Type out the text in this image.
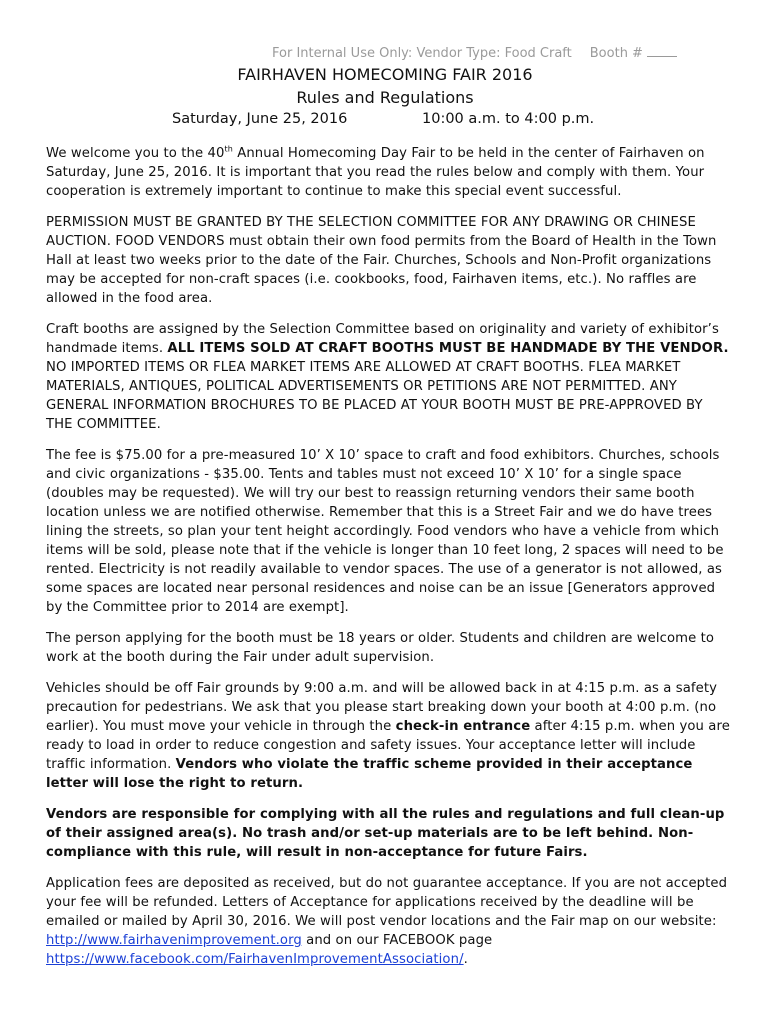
For Internal Use Only: Vendor Type: Food Craft Booth #
FAIRHAVEN HOMECOMING FAIR 2016
Rules and Regulations
Saturday, June 25, 2016	10:00 a.m. to 4:00 p.m.

We welcome you to the 40th Annual Homecoming Day Fair to be held in the center of Fairhaven on Saturday, June 25, 2016. It is important that you read the rules below and comply with them. Your cooperation is extremely important to continue to make this special event successful.

PERMISSION MUST BE GRANTED BY THE SELECTION COMMITTEE FOR ANY DRAWING OR CHINESE AUCTION. FOOD VENDORS must obtain their own food permits from the Board of Health in the Town Hall at least two weeks prior to the date of the Fair. Churches, Schools and Non-Profit organizations may be accepted for non-craft spaces (i.e. cookbooks, food, Fairhaven items, etc.). No raffles are allowed in the food area.

Craft booths are assigned by the Selection Committee based on originality and variety of exhibitor’s handmade items. ALL ITEMS SOLD AT CRAFT BOOTHS MUST BE HANDMADE BY THE VENDOR. NO IMPORTED ITEMS OR FLEA MARKET ITEMS ARE ALLOWED AT CRAFT BOOTHS. FLEA MARKET MATERIALS, ANTIQUES, POLITICAL ADVERTISEMENTS OR PETITIONS ARE NOT PERMITTED. ANY GENERAL INFORMATION BROCHURES TO BE PLACED AT YOUR BOOTH MUST BE PRE-APPROVED BY THE COMMITTEE.

The fee is $75.00 for a pre-measured 10’ X 10’ space to craft and food exhibitors. Churches, schools and civic organizations - $35.00. Tents and tables must not exceed 10’ X 10’ for a single space (doubles may be requested). We will try our best to reassign returning vendors their same booth location unless we are notified otherwise. Remember that this is a Street Fair and we do have trees lining the streets, so plan your tent height accordingly. Food vendors who have a vehicle from which items will be sold, please note that if the vehicle is longer than 10 feet long, 2 spaces will need to be rented. Electricity is not readily available to vendor spaces. The use of a generator is not allowed, as some spaces are located near personal residences and noise can be an issue [Generators approved by the Committee prior to 2014 are exempt].

The person applying for the booth must be 18 years or older. Students and children are welcome to work at the booth during the Fair under adult supervision.

Vehicles should be off Fair grounds by 9:00 a.m. and will be allowed back in at 4:15 p.m. as a safety precaution for pedestrians. We ask that you please start breaking down your booth at 4:00 p.m. (no earlier). You must move your vehicle in through the check-in entrance after 4:15 p.m. when you are ready to load in order to reduce congestion and safety issues. Your acceptance letter will include traffic information. Vendors who violate the traffic scheme provided in their acceptance letter will lose the right to return.

Vendors are responsible for complying with all the rules and regulations and full clean-up of their assigned area(s). No trash and/or set-up materials are to be left behind. Non-compliance with this rule, will result in non-acceptance for future Fairs.

Application fees are deposited as received, but do not guarantee acceptance. If you are not accepted your fee will be refunded. Letters of Acceptance for applications received by the deadline will be emailed or mailed by April 30, 2016. We will post vendor locations and the Fair map on our website: http://www.fairhavenimprovement.org and on our FACEBOOK page https://www.facebook.com/FairhavenImprovementAssociation/.
